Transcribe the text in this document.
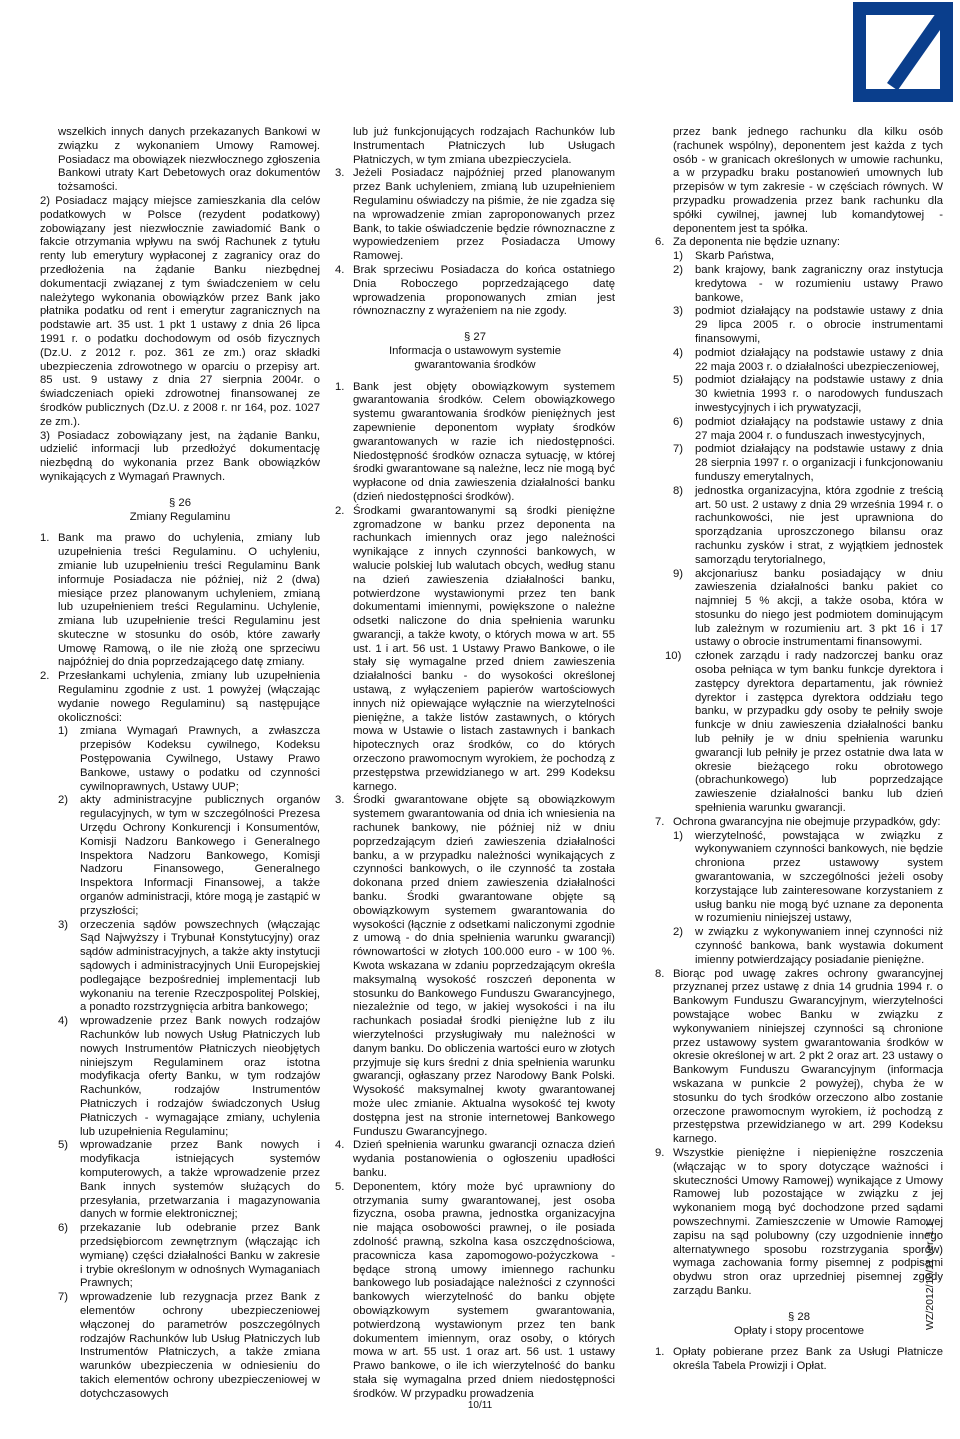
wszelkich innych danych przekazanych Bankowi w związku z wykonaniem Umowy Ramowej. Posiadacz ma obowiązek niezwłocznego zgłoszenia Bankowi utraty Kart Debetowych oraz dokumentów tożsamości.

2) Posiadacz mający miejsce zamieszkania dla celów podatkowych w Polsce (rezydent podatkowy) zobowiązany jest niezwłocznie zawiadomić Bank o fakcie otrzymania wpływu na swój Rachunek z tytułu renty lub emerytury wypłaconej z zagranicy oraz do przedłożenia na żądanie Banku niezbędnej dokumentacji związanej z tym świadczeniem w celu należytego wykonania obowiązków przez Bank jako płatnika podatku od rent i emerytur zagranicznych na podstawie art. 35 ust. 1 pkt 1 ustawy z dnia 26 lipca 1991 r. o podatku dochodowym od osób fizycznych (Dz.U. z 2012 r. poz. 361 ze zm.) oraz składki ubezpieczenia zdrowotnego w oparciu o przepisy art. 85 ust. 9 ustawy z dnia 27 sierpnia 2004r. o świadczeniach opieki zdrowotnej finansowanej ze środków publicznych (Dz.U. z 2008 r. nr 164, poz. 1027 ze zm.).

3) Posiadacz zobowiązany jest, na żądanie Banku, udzielić informacji lub przedłożyć dokumentację niezbędną do wykonania przez Bank obowiązków wynikających z Wymagań Prawnych.

§ 26
Zmiany Regulaminu
1. Bank ma prawo do uchylenia, zmiany lub uzupełnienia treści Regulaminu. O uchyleniu, zmianie lub uzupełnieniu treści Regulaminu Bank informuje Posiadacza nie później, niż 2 (dwa) miesiące przez planowanym uchyleniem, zmianą lub uzupełnieniem treści Regulaminu. Uchylenie, zmiana lub uzupełnienie treści Regulaminu jest skuteczne w stosunku do osób, które zawarły Umowę Ramową, o ile nie złożą one sprzeciwu najpóźniej do dnia poprzedzającego datę zmiany.
2. Przesłankami uchylenia, zmiany lub uzupełnienia Regulaminu zgodnie z ust. 1 powyżej (włączając wydanie nowego Regulaminu) są następujące okoliczności:
1) zmiana Wymagań Prawnych, a zwłaszcza przepisów Kodeksu cywilnego, Kodeksu Postępowania Cywilnego, Ustawy Prawo Bankowe, ustawy o podatku od czynności cywilnoprawnych, Ustawy UUP;
2) akty administracyjne publicznych organów regulacyjnych, w tym w szczególności Prezesa Urzędu Ochrony Konkurencji i Konsumentów, Komisji Nadzoru Bankowego i Generalnego Inspektora Nadzoru Bankowego, Komisji Nadzoru Finansowego, Generalnego Inspektora Informacji Finansowej, a także organów administracji, które mogą je zastąpić w przyszłości;
3) orzeczenia sądów powszechnych (włączając Sąd Najwyższy i Trybunał Konstytucyjny) oraz sądów administracyjnych, a także akty instytucji sądowych i administracyjnych Unii Europejskiej podlegające bezpośredniej implementacji lub wykonaniu na terenie Rzeczpospolitej Polskiej, a ponadto rozstrzygnięcia arbitra bankowego;
4) wprowadzenie przez Bank nowych rodzajów Rachunków lub nowych Usług Płatniczych lub nowych Instrumentów Płatniczych nieobjętych niniejszym Regulaminem oraz istotna modyfikacja oferty Banku, w tym rodzajów Rachunków, rodzajów Instrumentów Płatniczych i rodzajów świadczonych Usług Płatniczych - wymagające zmiany, uchylenia lub uzupełnienia Regulaminu;
5) wprowadzanie przez Bank nowych i modyfikacja istniejących systemów komputerowych, a także wprowadzenie przez Bank innych systemów służących do przesyłania, przetwarzania i magazynowania danych w formie elektronicznej;
6) przekazanie lub odebranie przez Bank przedsiębiorcom zewnętrznym (włączając ich wymianę) części działalności Banku w zakresie i trybie określonym w odnośnych Wymaganiach Prawnych;
7) wprowadzenie lub rezygnacja przez Bank z elementów ochrony ubezpieczeniowej włączonej do parametrów poszczególnych rodzajów Rachunków lub Usług Płatniczych lub Instrumentów Płatniczych, a także zmiana warunków ubezpieczenia w odniesieniu do takich elementów ochrony ubezpieczeniowej w dotychczasowych

lub już funkcjonujących rodzajach Rachunków lub Instrumentach Płatniczych lub Usługach Płatniczych, w tym zmiana ubezpieczyciela.

3. Jeżeli Posiadacz najpóźniej przed planowanym przez Bank uchyleniem, zmianą lub uzupełnieniem Regulaminu oświadczy na piśmie, że nie zgadza się na wprowadzenie zmian zaproponowanych przez Bank, to takie oświadczenie będzie równoznaczne z wypowiedzeniem przez Posiadacza Umowy Ramowej.
4. Brak sprzeciwu Posiadacza do końca ostatniego Dnia Roboczego poprzedzającego datę wprowadzenia proponowanych zmian jest równoznaczny z wyrażeniem na nie zgody.
§ 27
Informacja o ustawowym systemie
gwarantowania środków
1. Bank jest objęty obowiązkowym systemem gwarantowania środków. Celem obowiązkowego systemu gwarantowania środków pieniężnych jest zapewnienie deponentom wypłaty środków gwarantowanych w razie ich niedostępności. Niedostępność środków oznacza sytuację, w której środki gwarantowane są należne, lecz nie mogą być wypłacone od dnia zawieszenia działalności banku (dzień niedostępności środków).
2. Środkami gwarantowanymi są środki pieniężne zgromadzone w banku przez deponenta na rachunkach imiennych oraz jego należności wynikające z innych czynności bankowych, w walucie polskiej lub walutach obcych, według stanu na dzień zawieszenia działalności banku, potwierdzone wystawionymi przez ten bank dokumentami imiennymi, powiększone o należne odsetki naliczone do dnia spełnienia warunku gwarancji, a także kwoty, o których mowa w art. 55 ust. 1 i art. 56 ust. 1 Ustawy Prawo Bankowe, o ile stały się wymagalne przed dniem zawieszenia działalności banku - do wysokości określonej ustawą, z wyłączeniem papierów wartościowych innych niż opiewające wyłącznie na wierzytelności pieniężne, a także listów zastawnych, o których mowa w Ustawie o listach zastawnych i bankach hipotecznych oraz środków, co do których orzeczono prawomocnym wyrokiem, że pochodzą z przestępstwa przewidzianego w art. 299 Kodeksu karnego.
3. Środki gwarantowane objęte są obowiązkowym systemem gwarantowania od dnia ich wniesienia na rachunek bankowy, nie później niż w dniu poprzedzającym dzień zawieszenia działalności banku, a w przypadku należności wynikających z czynności bankowych, o ile czynność ta została dokonana przed dniem zawieszenia działalności banku. Środki gwarantowane objęte są obowiązkowym systemem gwarantowania do wysokości (łącznie z odsetkami naliczonymi zgodnie z umową - do dnia spełnienia warunku gwarancji) równowartości w złotych 100.000 euro - w 100 %. Kwota wskazana w zdaniu poprzedzającym określa maksymalną wysokość roszczeń deponenta w stosunku do Bankowego Funduszu Gwarancyjnego, niezależnie od tego, w jakiej wysokości i na ilu rachunkach posiadał środki pieniężne lub z ilu wierzytelności przysługiwały mu należności w danym banku. Do obliczenia wartości euro w złotych przyjmuje się kurs średni z dnia spełnienia warunku gwarancji, ogłaszany przez Narodowy Bank Polski. Wysokość maksymalnej kwoty gwarantowanej może ulec zmianie. Aktualna wysokość tej kwoty dostępna jest na stronie internetowej Bankowego Funduszu Gwarancyjnego.
4. Dzień spełnienia warunku gwarancji oznacza dzień wydania postanowienia o ogłoszeniu upadłości banku.
5. Deponentem, który może być uprawniony do otrzymania sumy gwarantowanej, jest osoba fizyczna, osoba prawna, jednostka organizacyjna nie mająca osobowości prawnej, o ile posiada zdolność prawną, szkolna kasa oszczędnościowa, pracownicza kasa zapomogowo-pożyczkowa - będące stroną umowy imiennego rachunku bankowego lub posiadające należności z czynności bankowych wierzytelność do banku objęte obowiązkowym systemem gwarantowania, potwierdzoną wystawionym przez ten bank dokumentem imiennym, oraz osoby, o których mowa w art. 55 ust. 1 oraz art. 56 ust. 1 ustawy Prawo bankowe, o ile ich wierzytelność do banku stała się wymagalna przed dniem niedostępności środków. W przypadku prowadzenia

przez bank jednego rachunku dla kilku osób (rachunek wspólny), deponentem jest każda z tych osób - w granicach określonych w umowie rachunku, a w przypadku braku postanowień umownych lub przepisów w tym zakresie - w częściach równych. W przypadku prowadzenia przez bank rachunku dla spółki cywilnej, jawnej lub komandytowej - deponentem jest ta spółka.

6. Za deponenta nie będzie uznany:
1) Skarb Państwa,
2) bank krajowy, bank zagraniczny oraz instytucja kredytowa - w rozumieniu ustawy Prawo bankowe,
3) podmiot działający na podstawie ustawy z dnia 29 lipca 2005 r. o obrocie instrumentami finansowymi,
4) podmiot działający na podstawie ustawy z dnia 22 maja 2003 r. o działalności ubezpieczeniowej,
5) podmiot działający na podstawie ustawy z dnia 30 kwietnia 1993 r. o narodowych funduszach inwestycyjnych i ich prywatyzacji,
6) podmiot działający na podstawie ustawy z dnia 27 maja 2004 r. o funduszach inwestycyjnych,
7) podmiot działający na podstawie ustawy z dnia 28 sierpnia 1997 r. o organizacji i funkcjonowaniu funduszy emerytalnych,
8) jednostka organizacyjna, która zgodnie z treścią art. 50 ust. 2 ustawy z dnia 29 września 1994 r. o rachunkowości, nie jest uprawniona do sporządzania uproszczonego bilansu oraz rachunku zysków i strat, z wyjątkiem jednostek samorządu terytorialnego,
9) akcjonariusz banku posiadający w dniu zawieszenia działalności banku pakiet co najmniej 5 % akcji, a także osoba, która w stosunku do niego jest podmiotem dominującym lub zależnym w rozumieniu art. 3 pkt 16 i 17 ustawy o obrocie instrumentami finansowymi.
10) członek zarządu i rady nadzorczej banku oraz osoba pełniąca w tym banku funkcje dyrektora i zastępcy dyrektora departamentu, jak również dyrektor i zastępca dyrektora oddziału tego banku, w przypadku gdy osoby te pełniły swoje funkcje w dniu zawieszenia działalności banku lub pełniły je w dniu spełnienia warunku gwarancji lub pełniły je przez ostatnie dwa lata w okresie bieżącego roku obrotowego (obrachunkowego) lub poprzedzające zawieszenie działalności banku lub dzień spełnienia warunku gwarancji.
7. Ochrona gwarancyjna nie obejmuje przypadków, gdy:
1) wierzytelność, powstająca w związku z wykonywaniem czynności bankowych, nie będzie chroniona przez ustawowy system gwarantowania, w szczególności jeżeli osoby korzystające lub zainteresowane korzystaniem z usług banku nie mogą być uznane za deponenta w rozumieniu niniejszej ustawy,
2) w związku z wykonywaniem innej czynności niż czynność bankowa, bank wystawia dokument imienny potwierdzający posiadanie pieniężne.
8. Biorąc pod uwagę zakres ochrony gwarancyjnej przyznanej przez ustawę z dnia 14 grudnia 1994 r. o Bankowym Funduszu Gwarancyjnym, wierzytelności powstające wobec Banku w związku z wykonywaniem niniejszej czynności są chronione przez ustawowy system gwarantowania środków w okresie określonej w art. 2 pkt 2 oraz art. 23 ustawy o Bankowym Funduszu Gwarancyjnym (informacja wskazana w punkcie 2 powyżej), chyba że w stosunku do tych środków orzeczono albo zostanie orzeczone prawomocnym wyrokiem, iż pochodzą z przestępstwa przewidzianego w art. 299 Kodeksu karnego.
9. Wszystkie pieniężne i niepieniężne roszczenia (włączając w to spory dotyczące ważności i skuteczności Umowy Ramowej) wynikające z Umowy Ramowej lub pozostające w związku z jej wykonaniem mogą być dochodzone przed sądami powszechnymi. Zamieszczenie w Umowie Ramowej zapisu na sąd polubowny (czy uzgodnienie innego alternatywnego sposobu rozstrzygania sporów) wymaga zachowania formy pisemnej z podpisami obydwu stron oraz uprzedniej pisemnej zgody zarządu Banku.
§ 28
Opłaty i stopy procentowe
1. Opłaty pobierane przez Bank za Usługi Płatnicze określa Tabela Prowizji i Opłat.
10/11
WZ/2012/10/11 ver. 1.1
